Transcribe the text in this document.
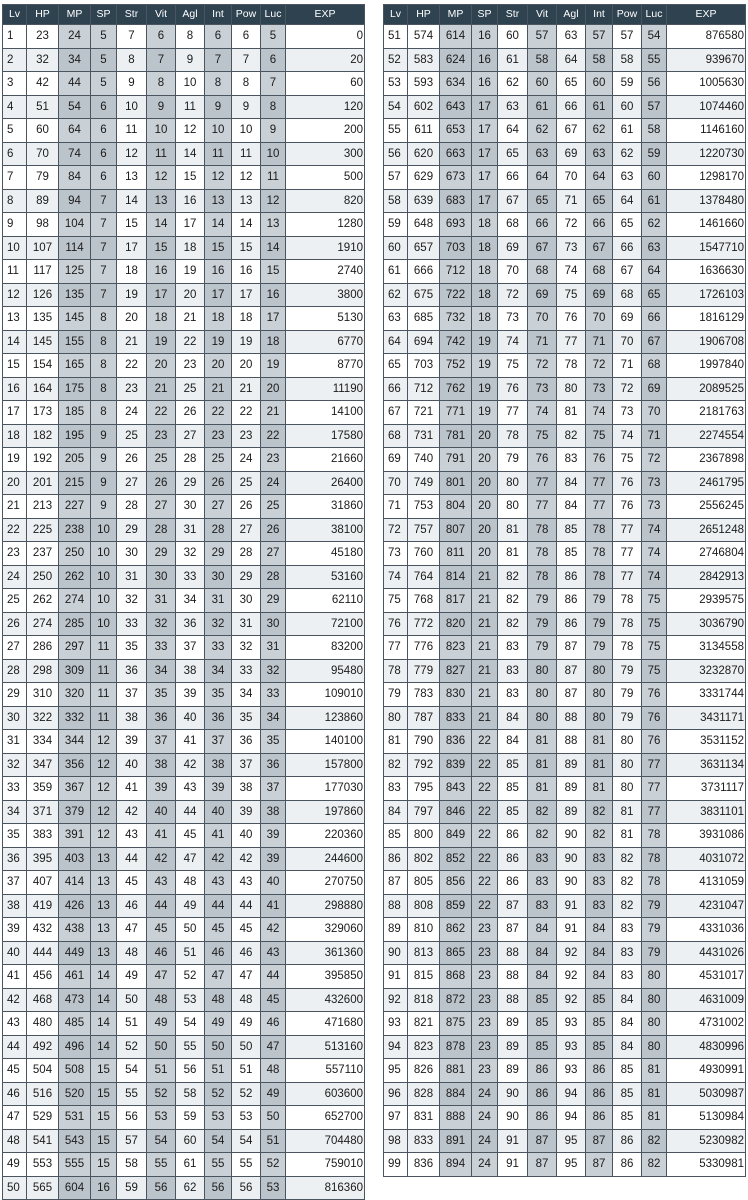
Lv	HP	MP	SP	Str	Vit	Agl	Int	Pow	Luc	EXP
1	23	24	5	7	6	8	6	6	5	0
2	32	34	5	8	7	9	7	7	6	20
3	42	44	5	9	8	10	8	8	7	60
4	51	54	6	10	9	11	9	9	8	120
5	60	64	6	11	10	12	10	10	9	200
6	70	74	6	12	11	14	11	11	10	300
7	79	84	6	13	12	15	12	12	11	500
8	89	94	7	14	13	16	13	13	12	820
9	98	104	7	15	14	17	14	14	13	1280
10	107	114	7	17	15	18	15	15	14	1910
11	117	125	7	18	16	19	16	16	15	2740
12	126	135	7	19	17	20	17	17	16	3800
13	135	145	8	20	18	21	18	18	17	5130
14	145	155	8	21	19	22	19	19	18	6770
15	154	165	8	22	20	23	20	20	19	8770
16	164	175	8	23	21	25	21	21	20	11190
17	173	185	8	24	22	26	22	22	21	14100
18	182	195	9	25	23	27	23	23	22	17580
19	192	205	9	26	25	28	25	24	23	21660
20	201	215	9	27	26	29	26	25	24	26400
21	213	227	9	28	27	30	27	26	25	31860
22	225	238	10	29	28	31	28	27	26	38100
23	237	250	10	30	29	32	29	28	27	45180
24	250	262	10	31	30	33	30	29	28	53160
25	262	274	10	32	31	34	31	30	29	62110
26	274	285	10	33	32	36	32	31	30	72100
27	286	297	11	35	33	37	33	32	31	83200
28	298	309	11	36	34	38	34	33	32	95480
29	310	320	11	37	35	39	35	34	33	109010
30	322	332	11	38	36	40	36	35	34	123860
31	334	344	12	39	37	41	37	36	35	140100
32	347	356	12	40	38	42	38	37	36	157800
33	359	367	12	41	39	43	39	38	37	177030
34	371	379	12	42	40	44	40	39	38	197860
35	383	391	12	43	41	45	41	40	39	220360
36	395	403	13	44	42	47	42	42	39	244600
37	407	414	13	45	43	48	43	43	40	270750
38	419	426	13	46	44	49	44	44	41	298880
39	432	438	13	47	45	50	45	45	42	329060
40	444	449	13	48	46	51	46	46	43	361360
41	456	461	14	49	47	52	47	47	44	395850
42	468	473	14	50	48	53	48	48	45	432600
43	480	485	14	51	49	54	49	49	46	471680
44	492	496	14	52	50	55	50	50	47	513160
45	504	508	15	54	51	56	51	51	48	557110
46	516	520	15	55	52	58	52	52	49	603600
47	529	531	15	56	53	59	53	53	50	652700
48	541	543	15	57	54	60	54	54	51	704480
49	553	555	15	58	55	61	55	55	52	759010
50	565	604	16	59	56	62	56	56	53	816360
Lv	HP	MP	SP	Str	Vit	Agl	Int	Pow	Luc	EXP
51	574	614	16	60	57	63	57	57	54	876580
52	583	624	16	61	58	64	58	58	55	939670
53	593	634	16	62	60	65	60	59	56	1005630
54	602	643	17	63	61	66	61	60	57	1074460
55	611	653	17	64	62	67	62	61	58	1146160
56	620	663	17	65	63	69	63	62	59	1220730
57	629	673	17	66	64	70	64	63	60	1298170
58	639	683	17	67	65	71	65	64	61	1378480
59	648	693	18	68	66	72	66	65	62	1461660
60	657	703	18	69	67	73	67	66	63	1547710
61	666	712	18	70	68	74	68	67	64	1636630
62	675	722	18	72	69	75	69	68	65	1726103
63	685	732	18	73	70	76	70	69	66	1816129
64	694	742	19	74	71	77	71	70	67	1906708
65	703	752	19	75	72	78	72	71	68	1997840
66	712	762	19	76	73	80	73	72	69	2089525
67	721	771	19	77	74	81	74	73	70	2181763
68	731	781	20	78	75	82	75	74	71	2274554
69	740	791	20	79	76	83	76	75	72	2367898
70	749	801	20	80	77	84	77	76	73	2461795
71	753	804	20	80	77	84	77	76	73	2556245
72	757	807	20	81	78	85	78	77	74	2651248
73	760	811	20	81	78	85	78	77	74	2746804
74	764	814	21	82	78	86	78	77	74	2842913
75	768	817	21	82	79	86	79	78	75	2939575
76	772	820	21	82	79	86	79	78	75	3036790
77	776	823	21	83	79	87	79	78	75	3134558
78	779	827	21	83	80	87	80	79	75	3232870
79	783	830	21	83	80	87	80	79	76	3331744
80	787	833	21	84	80	88	80	79	76	3431171
81	790	836	22	84	81	88	81	80	76	3531152
82	792	839	22	85	81	89	81	80	77	3631134
83	795	843	22	85	81	89	81	80	77	3731117
84	797	846	22	85	82	89	82	81	77	3831101
85	800	849	22	86	82	90	82	81	78	3931086
86	802	852	22	86	83	90	83	82	78	4031072
87	805	856	22	86	83	90	83	82	78	4131059
88	808	859	22	87	83	91	83	82	79	4231047
89	810	862	23	87	84	91	84	83	79	4331036
90	813	865	23	88	84	92	84	83	79	4431026
91	815	868	23	88	84	92	84	83	80	4531017
92	818	872	23	88	85	92	85	84	80	4631009
93	821	875	23	89	85	93	85	84	80	4731002
94	823	878	23	89	85	93	85	84	80	4830996
95	826	881	23	89	86	93	86	85	81	4930991
96	828	884	24	90	86	94	86	85	81	5030987
97	831	888	24	90	86	94	86	85	81	5130984
98	833	891	24	91	87	95	87	86	82	5230982
99	836	894	24	91	87	95	87	86	82	5330981
